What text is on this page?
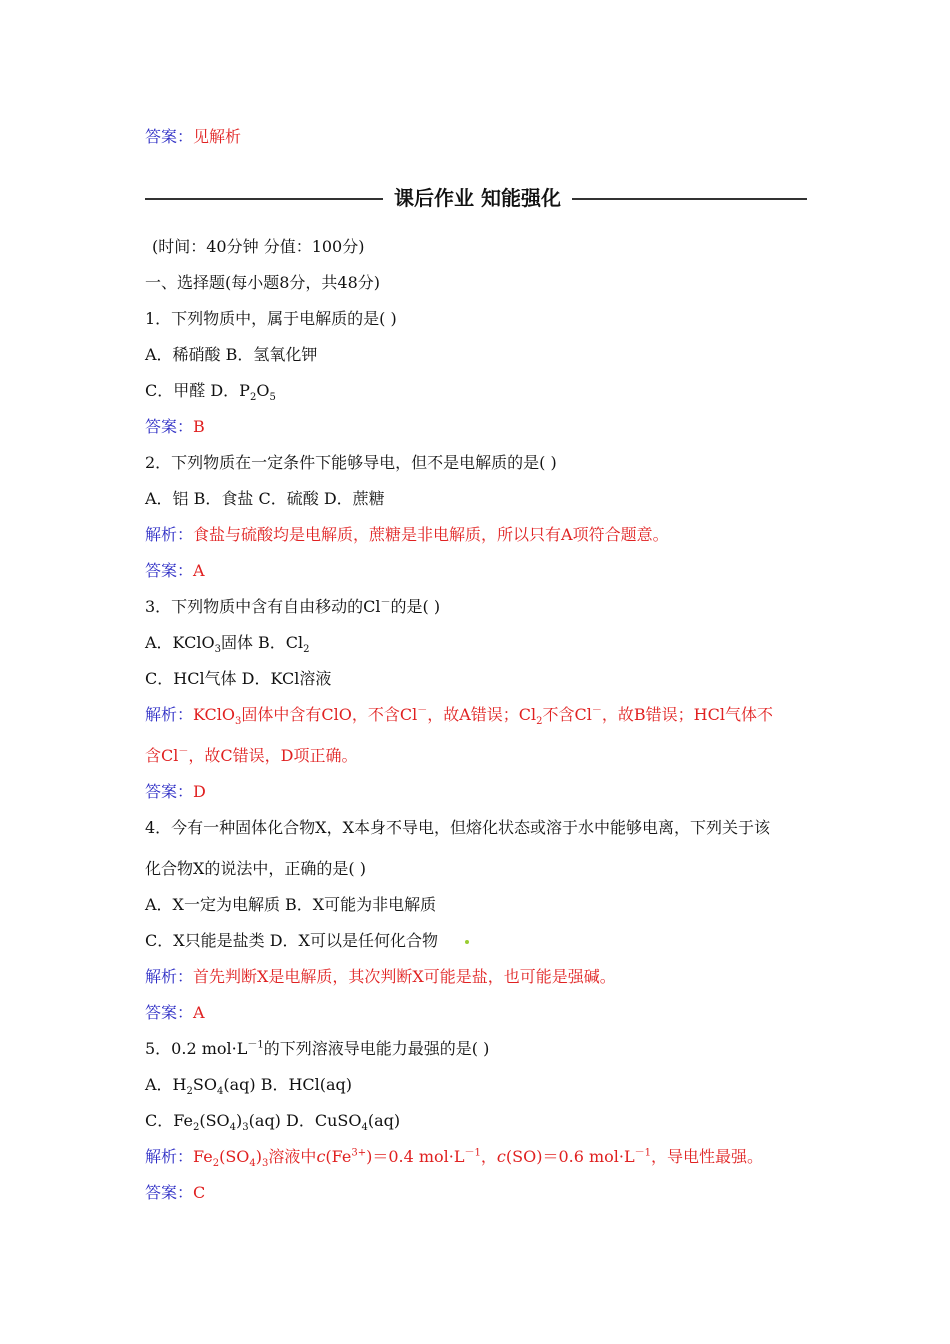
答案：见解析
课后作业 知能强化
(时间：40分钟 分值：100分)
一、选择题(每小题8分，共48分)
1．下列物质中，属于电解质的是( )
A．稀硝酸 B．氢氧化钾
C．甲醛 D．$P_2O_5$
答案：B
2．下列物质在一定条件下能够导电，但不是电解质的是( )
A．铝 B．食盐 C．硫酸 D．蔗糖
解析：食盐与硫酸均是电解质，蔗糖是非电解质，所以只有A项符合题意。
答案：A
3．下列物质中含有自由移动的Cl－的是( )
A．KClO$_3$固体 B．$Cl_2$
C．HCl气体 D．KCl溶液
解析：KClO$_3$固体中含有ClO，不含Cl－，故A错误；$Cl_2$不含Cl－，故B错误；HCl气体不
含Cl－，故C错误，D项正确。
答案：D
4．今有一种固体化合物X，X本身不导电，但熔化状态或溶于水中能够电离，下列关于该
化合物X的说法中，正确的是( )
A．X一定为电解质 B．X可能为非电解质
C．X只能是盐类 D．X可以是任何化合物
解析：首先判断X是电解质，其次判断X可能是盐，也可能是强碱。
答案：A
5．0.2 $mol\cdot L^{-1}$的下列溶液导电能力最强的是( )
A．$H_2SO_4(aq)$ B．HCl(aq)
C．$Fe_2(SO_4)_3(aq)$ D．CuSO$_4$(aq)
解析：$Fe_2(SO_4)_3$溶液中$c(Fe^{3+})=0.4$ $mol\cdot L^{-1}$，c(SO)＝0.6 $mol\cdot L^{-1}$，导电性最强。
答案：C
